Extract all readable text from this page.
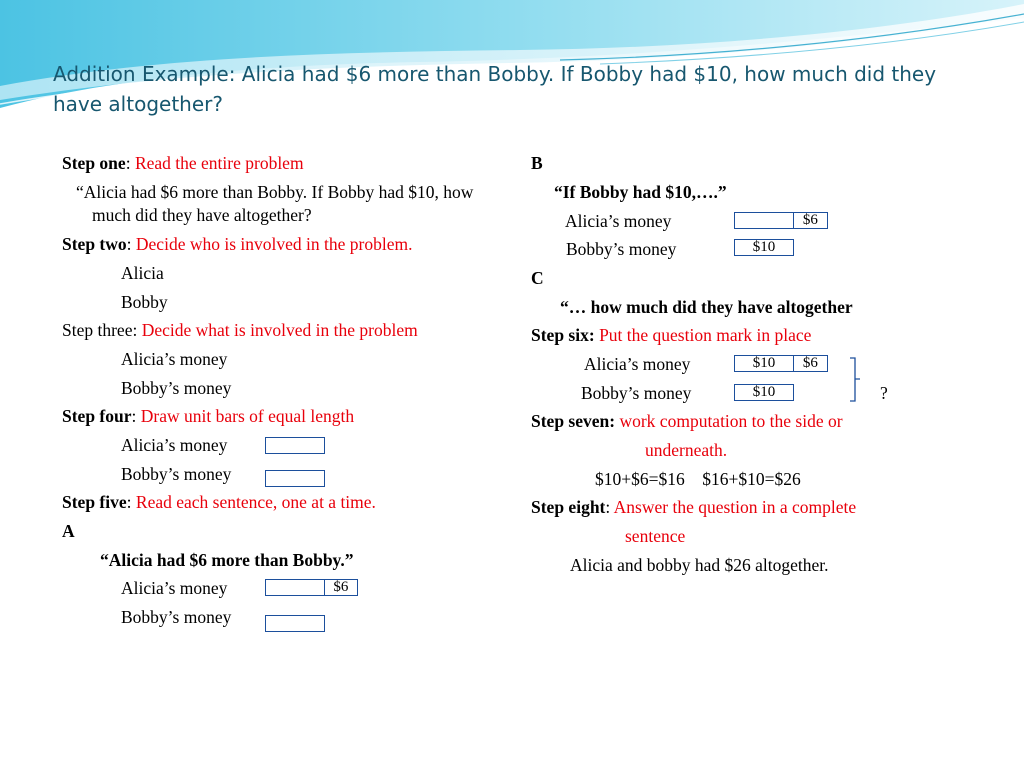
Addition Example: Alicia had $6 more than Bobby. If Bobby had $10, how much did they have altogether?
Step one: Read the entire problem
“Alicia had $6 more than Bobby. If Bobby had $10, how much did they have altogether?
Step two: Decide who is involved in the problem.
Alicia
Bobby
Step three: Decide what is involved in the problem
Alicia’s money
Bobby’s money
Step four: Draw unit bars of equal length
Alicia’s money
Bobby’s money
Step five: Read each sentence, one at a time.
A
“Alicia had $6 more than Bobby.”
Alicia’s money	$6
Bobby’s money
B
“If Bobby had $10,….”
Alicia’s money	$6
Bobby’s money	$10
C
“… how much did they have altogether
Step six: Put the question mark in place
Alicia’s money	$10	$6
Bobby’s money	$10	?
Step seven: work computation to the side or
underneath.
$10+$6=$16    $16+$10=$26
Step eight: Answer the question in a complete
sentence
Alicia and bobby had $26 altogether.
